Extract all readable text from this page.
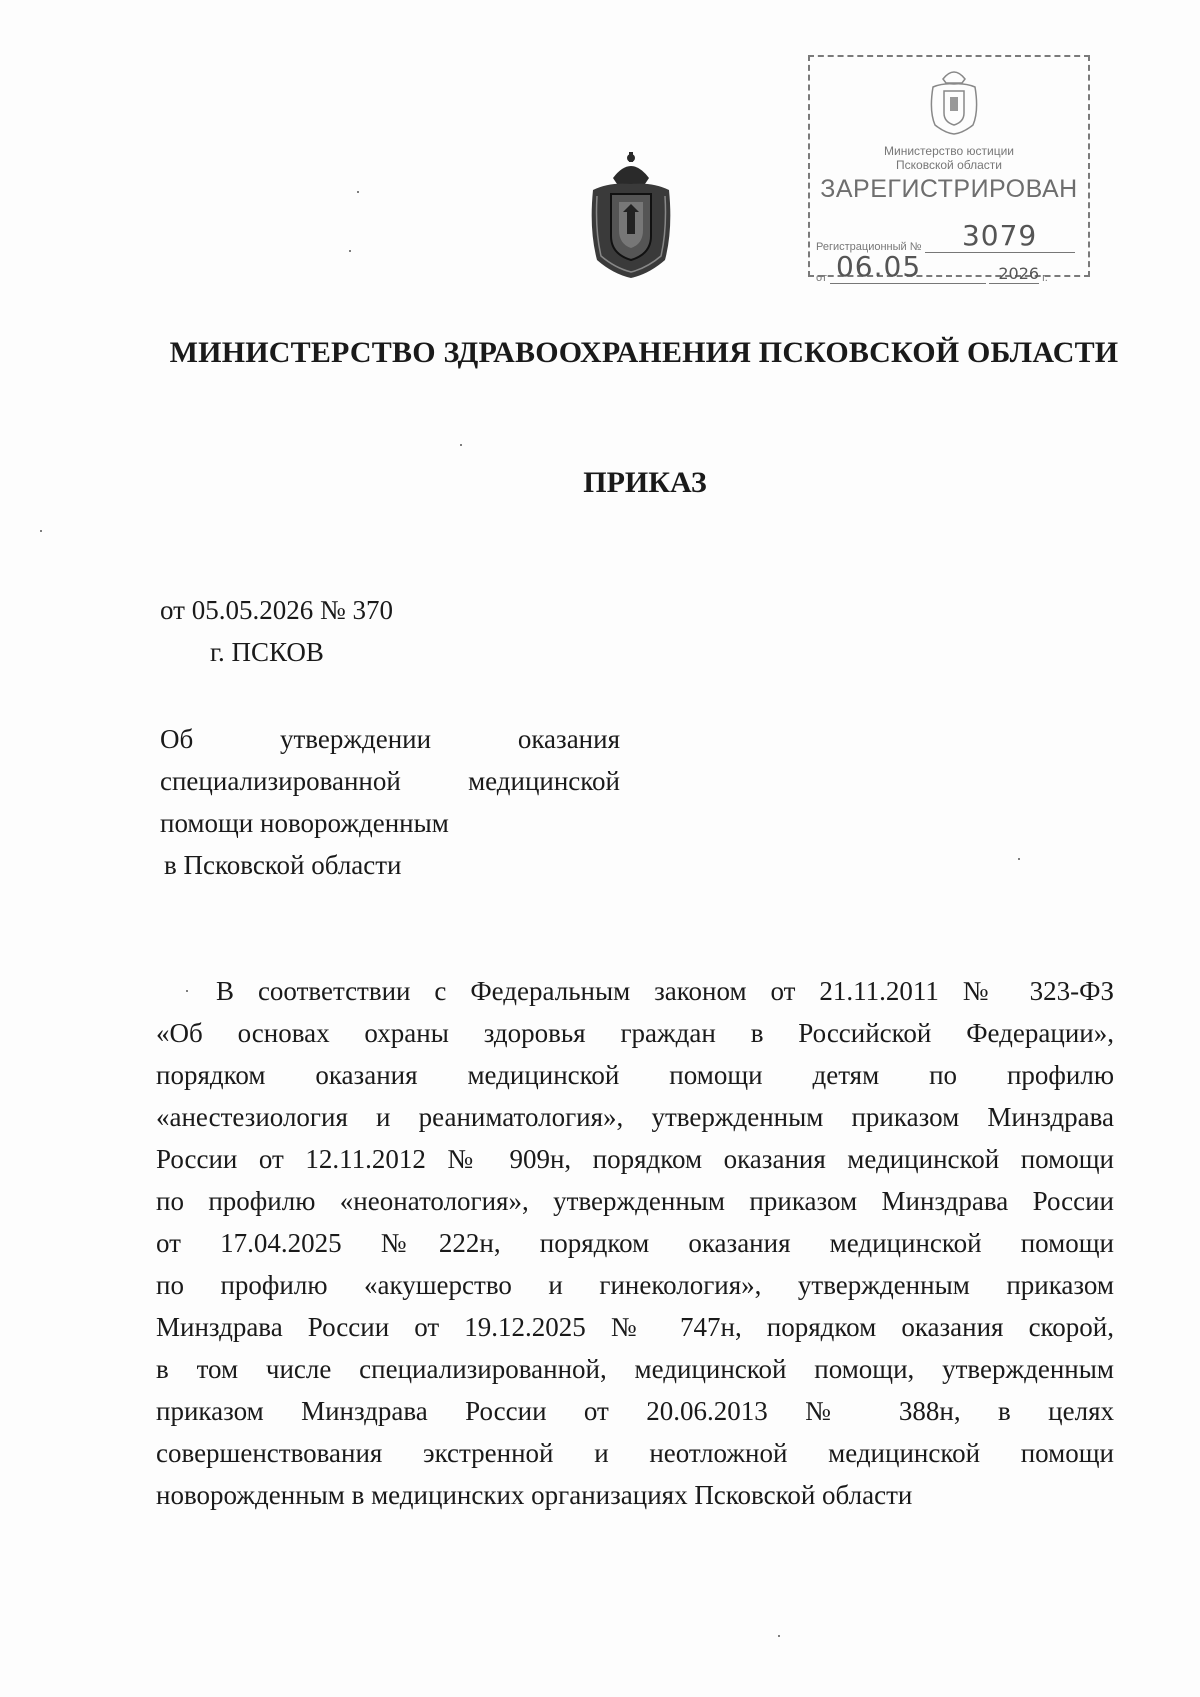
Министерство юстиции
Псковской области
ЗАРЕГИСТРИРОВАН
Регистрационный № 3079
от 06.05	2026 г.
МИНИСТЕРСТВО ЗДРАВООХРАНЕНИЯ ПСКОВСКОЙ ОБЛАСТИ
ПРИКАЗ
от 05.05.2026 № 370
г. ПСКОВ
Об утверждении оказания
специализированной медицинской
помощи новорожденным
в Псковской области
В соответствии с Федеральным законом от 21.11.2011 № 323-ФЗ
«Об основах охраны здоровья граждан в Российской Федерации»,
порядком оказания медицинской помощи детям по профилю
«анестезиология и реаниматология», утвержденным приказом Минздрава
России от 12.11.2012 № 909н, порядком оказания медицинской помощи
по профилю «неонатология», утвержденным приказом Минздрава России
от 17.04.2025 №222н, порядком оказания медицинской помощи
по профилю «акушерство и гинекология», утвержденным приказом
Минздрава России от 19.12.2025 № 747н, порядком оказания скорой,
в том числе специализированной, медицинской помощи, утвержденным
приказом Минздрава России от 20.06.2013 № 388н, в целях
совершенствования экстренной и неотложной медицинской помощи
новорожденным в медицинских организациях Псковской области
